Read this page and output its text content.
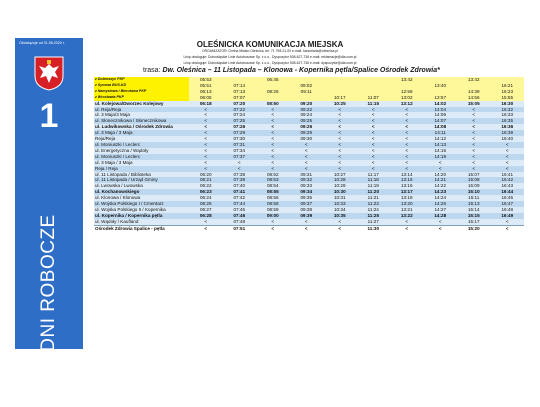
Obowiązuje od 31.08.2020 r.
1
DNI ROBOCZE
OLEŚNICKA KOMUNIKACJA MIEJSKA
ORGANIZATOR: Gmina Miasto Oleśnica, tel. 71 798-21-00 e-mail: kancelaria@olesnica.pl
Linię obsługuje: Dolnośląskie Linie Autobusowe Sp. z o.o., Dyspozytor 508-627-736 e-mail: reklamacje@dla.com.pl
Linię obsługuje: Dolnośląskie Linie Autobusowe Sp. z o.o., Dyspozytor 508-627-736 e-mail: dyspozytor@dla.com.pl
trasa: Dw. Oleśnica – 11 Listopada – Klonowa - Kopernika pętla/Spalice Ośrodek Zdrowia*
z Dobroszyc PKP	05:53		06:45				13:42		13:42	
z Sycowa BUS-KD	05:51	07:14		09:02				13:40		16:21
z Namysłowa / Bierutowa PKP	06:13	07:13	08:26	09:11			12:56		14:39	16:23
z Wrocławia PKP	06:05	07:07			10:17	11:07	13:02	13:57	14:56	15:55
ul. Kolejowa/Dworzec Kolejowy	06:18	07:20	08:50	09:20	10:25	11:15	13:12	14:02	15:05	16:30
ul. Reja/Reja	<	07:22	<	09:22	<	<	<	14:04	<	16:32
ul. 3 Maja/3 Maja	<	07:24	<	09:24	<	<	<	14:06	<	16:33
ul. Słonecznikowa / Słonecznikowa	<	07:25	<	09:25	<	<	<	14:07	<	16:35
ul. Ludwikowska / Ośrodek Zdrowia	<	07:26	<	09:26	<	<	<	14:08	<	16:36
ul. 3 Maja / 3 Maja	<	07:29	<	09:29	<	<	<	14:11	<	16:39
Reja/Reja	<	07:30	<	09:30	<	<	<	14:12	<	16:40
ul. Moniuszki / Leclerc	<	07:31	<	<	<	<	<	14:13	<	<
ul. Energetyczna / Wądoły	<	07:34	<	<	<	<	<	14:16	<	<
ul. Moniuszki / Leclerc	<	07:37	<	<	<	<	<	14:19	<	<
ul. 3 Maja / 3 Maja	<	<	<	<	<	<	<	<	<	<
Reja / Reja	<	<	<	<	<	<	<	<	<	<
ul. 11 Listopada / Biblioteka	06:20	07:38	08:52	09:31	10:27	11:17	13:14	14:20	15:07	16:41
ul. 11 Listopada / Urząd Gminy	06:21	07:39	08:53	09:32	10:28	11:18	13:15	14:21	15:08	16:42
ul. Lwowska / Lwowska	06:22	07:40	08:54	09:33	10:29	11:19	13:16	14:22	15:09	16:43
ul. Kochanowskiego	06:23	07:41	08:55	09:34	10:30	11:20	13:17	14:23	15:10	16:44
ul. Klonowa / Klonowa	06:24	07:42	08:56	09:35	10:31	11:21	13:18	14:24	15:11	16:45
ul. Wojska Polskiego I / Cmentarz	06:26	07:44	08:58	09:37	10:33	11:23	13:20	14:26	15:13	16:47
ul. Wojska Polskiego II / Kopernika	06:27	07:45	08:59	09:38	10:34	11:24	13:21	14:27	15:14	16:48
ul. Kopernika / Kopernika pętla	06:28	07:46	09:00	09:39	10:35	11:25	13:22	14:28	15:15	16:49
ul. Wądoły / Kaufland	<	07:48	<	<	<	11:27	<	<	15:17	<
Ośrodek Zdrowia Spalice - pętla	<	07:51	<	<	<	11:30	<	<	15:20	<
